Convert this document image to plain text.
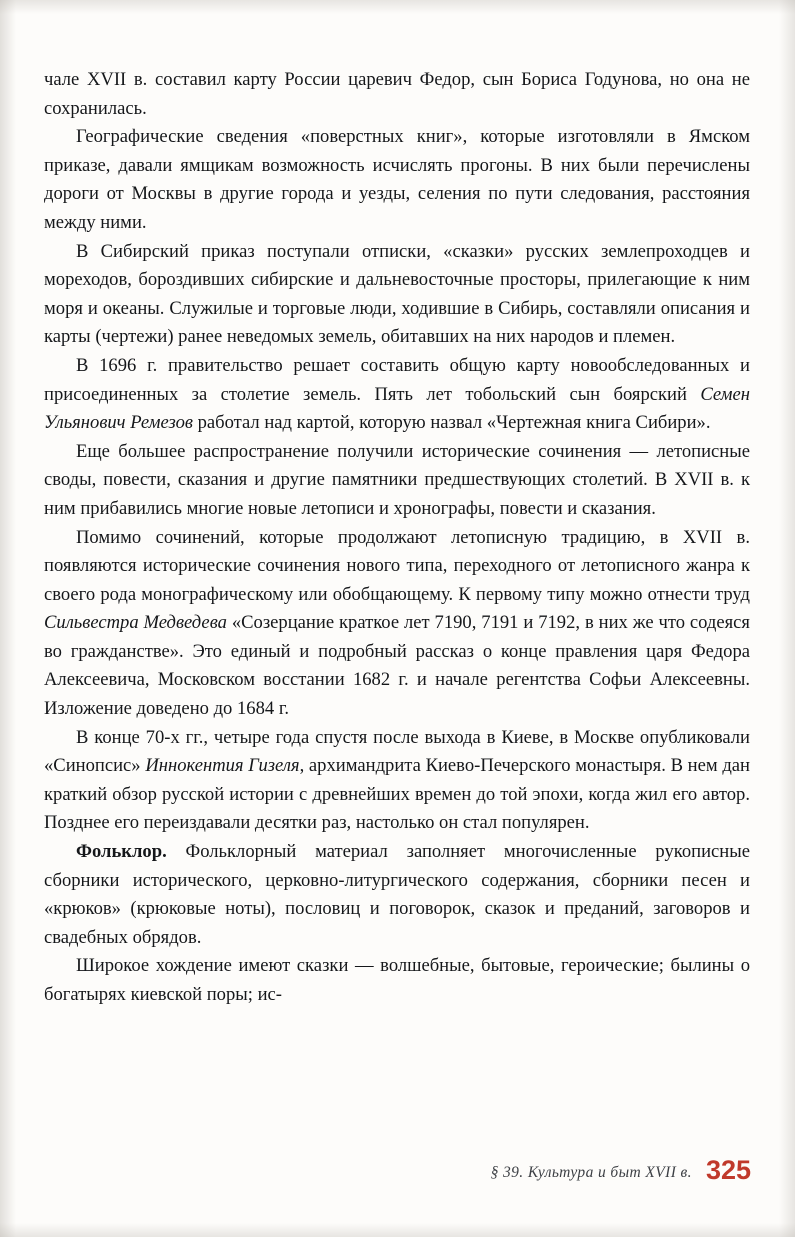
чале XVII в. составил карту России царевич Федор, сын Бориса Годунова, но она не сохранилась.

Географические сведения «поверстных книг», которые изготовляли в Ямском приказе, давали ямщикам возможность исчислять прогоны. В них были перечислены дороги от Москвы в другие города и уезды, селения по пути следования, расстояния между ними.

В Сибирский приказ поступали отписки, «сказки» русских землепроходцев и мореходов, бороздивших сибирские и дальневосточные просторы, прилегающие к ним моря и океаны. Служилые и торговые люди, ходившие в Сибирь, составляли описания и карты (чертежи) ранее неведомых земель, обитавших на них народов и племен.

В 1696 г. правительство решает составить общую карту новообследованных и присоединенных за столетие земель. Пять лет тобольский сын боярский Семен Ульянович Ремезов работал над картой, которую назвал «Чертежная книга Сибири».

Еще большее распространение получили исторические сочинения — летописные своды, повести, сказания и другие памятники предшествующих столетий. В XVII в. к ним прибавились многие новые летописи и хронографы, повести и сказания.

Помимо сочинений, которые продолжают летописную традицию, в XVII в. появляются исторические сочинения нового типа, переходного от летописного жанра к своего рода монографическому или обобщающему. К первому типу можно отнести труд Сильвестра Медведева «Созерцание краткое лет 7190, 7191 и 7192, в них же что содеяся во гражданстве». Это единый и подробный рассказ о конце правления царя Федора Алексеевича, Московском восстании 1682 г. и начале регентства Софьи Алексеевны. Изложение доведено до 1684 г.

В конце 70-х гг., четыре года спустя после выхода в Киеве, в Москве опубликовали «Синопсис» Иннокентия Гизеля, архимандрита Киево-Печерского монастыря. В нем дан краткий обзор русской истории с древнейших времен до той эпохи, когда жил его автор. Позднее его переиздавали десятки раз, настолько он стал популярен.

Фольклор. Фольклорный материал заполняет многочисленные рукописные сборники исторического, церковно-литургического содержания, сборники песен и «крюков» (крюковые ноты), пословиц и поговорок, сказок и преданий, заговоров и свадебных обрядов.

Широкое хождение имеют сказки — волшебные, бытовые, героические; былины о богатырях киевской поры; ис-

§ 39. Культура и быт XVII в. 325
